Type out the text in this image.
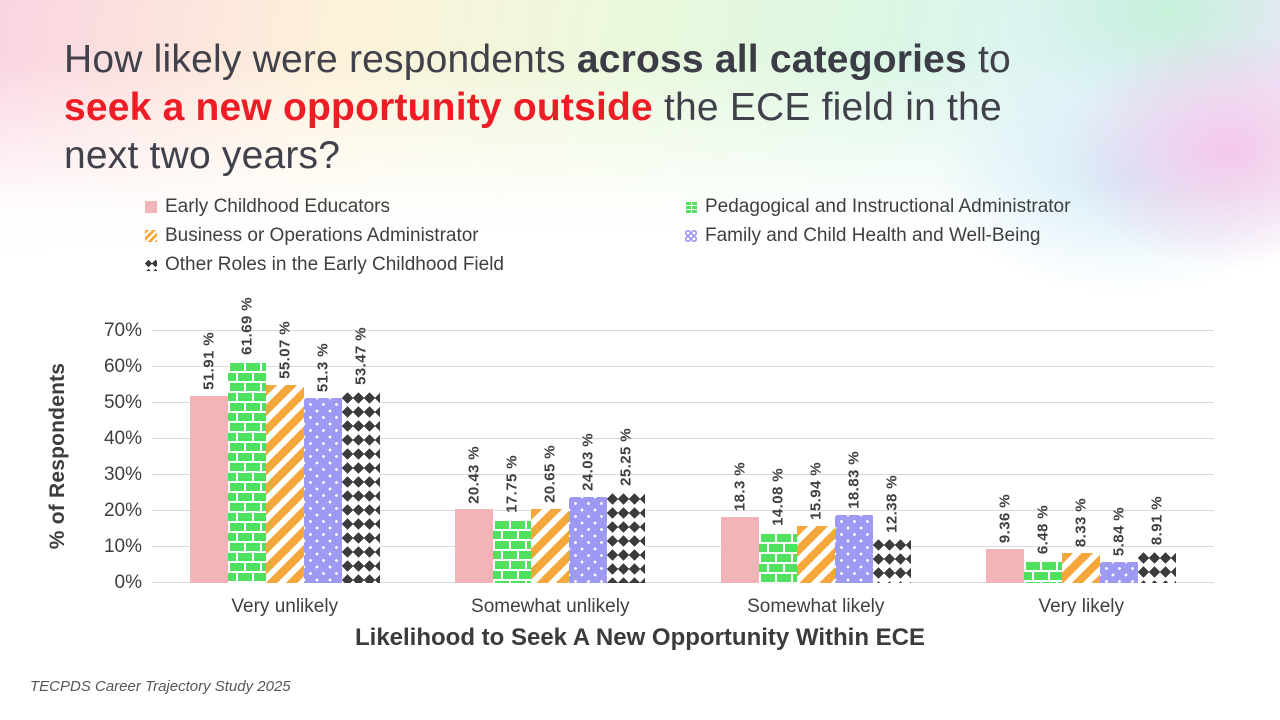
How likely were respondents across all categories to
seek a new opportunity outside the ECE field in the
next two years?
Early Childhood Educators	Pedagogical and Instructional Administrator
Business or Operations Administrator	Family and Child Health and Well-Being
Other Roles in the Early Childhood Field
% of Respondents
0%
10%
20%
30%
40%
50%
60%
70%
51.91 %
61.69 % 55.07 % 51.3 % 53.47 %
20.43 % 17.75 % 20.65 % 24.03 % 25.25 %
18.3 % 14.08 % 15.94 % 18.83 % 12.38 %	9.36 % 6.48 % 8.33 % 5.84 % 8.91 %
Very unlikely	Somewhat unlikely	Somewhat likely	Very likely
Likelihood to Seek A New Opportunity Within ECE
TECPDS Career Trajectory Study 2025
